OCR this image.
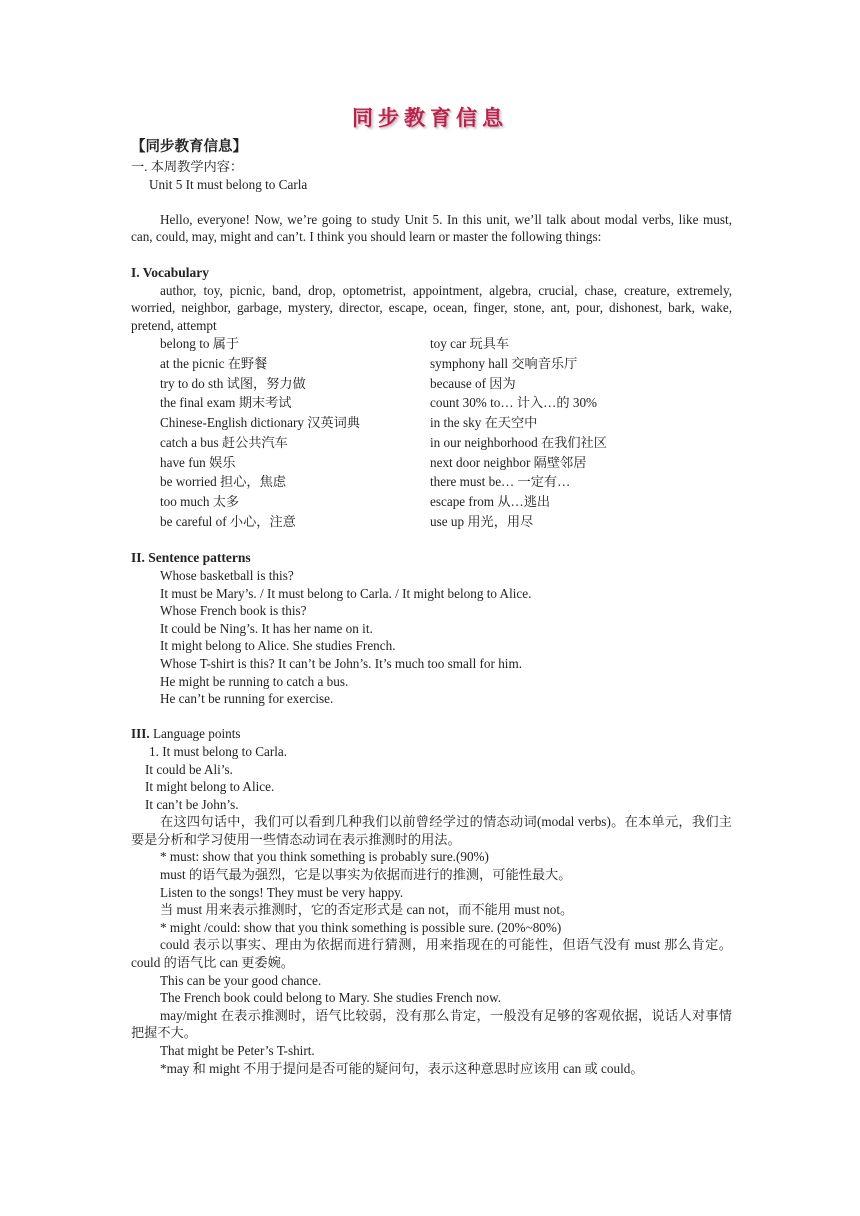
同步教育信息
【同步教育信息】
一. 本周教学内容：
Unit 5 It must belong to Carla
Hello, everyone! Now, we’re going to study Unit 5. In this unit, we’ll talk about modal verbs, like must, can, could, may, might and can’t. I think you should learn or master the following things:
I. Vocabulary
author, toy, picnic, band, drop, optometrist, appointment, algebra, crucial, chase, creature, extremely, worried, neighbor, garbage, mystery, director, escape, ocean, finger, stone, ant, pour, dishonest, bark, wake, pretend, attempt
belong to 属于	toy car 玩具车
at the picnic 在野餐	symphony hall 交响音乐厅
try to do sth 试图，努力做	because of 因为
the final exam 期末考试	count 30% to… 计入…的 30%
Chinese-English dictionary 汉英词典	in the sky 在天空中
catch a bus 赶公共汽车	in our neighborhood 在我们社区
have fun 娱乐	next door neighbor 隔壁邻居
be worried 担心，焦虑	there must be… 一定有…
too much 太多	escape from 从…逃出
be careful of 小心，注意	use up 用光，用尽
II. Sentence patterns
Whose basketball is this?
It must be Mary’s. / It must belong to Carla. / It might belong to Alice.
Whose French book is this?
It could be Ning’s. It has her name on it.
It might belong to Alice. She studies French.
Whose T-shirt is this? It can’t be John’s. It’s much too small for him.
He might be running to catch a bus.
He can’t be running for exercise.
III. Language points
1. It must belong to Carla.
It could be Ali’s.
It might belong to Alice.
It can’t be John’s.
在这四句话中，我们可以看到几种我们以前曾经学过的情态动词(modal verbs)。在本单元，我们主要是分析和学习使用一些情态动词在表示推测时的用法。
* must: show that you think something is probably sure.(90%)
must 的语气最为强烈，它是以事实为依据而进行的推测，可能性最大。
Listen to the songs! They must be very happy.
当 must 用来表示推测时，它的否定形式是 can not，而不能用 must not。
* might /could: show that you think something is possible sure. (20%~80%)
could 表示以事实、理由为依据而进行猜测，用来指现在的可能性，但语气没有 must 那么肯定。could 的语气比 can 更委婉。
This can be your good chance.
The French book could belong to Mary. She studies French now.
may/might 在表示推测时，语气比较弱，没有那么肯定，一般没有足够的客观依据，说话人对事情把握不大。
That might be Peter’s T-shirt.
*may 和 might 不用于提问是否可能的疑问句，表示这种意思时应该用 can 或 could。
